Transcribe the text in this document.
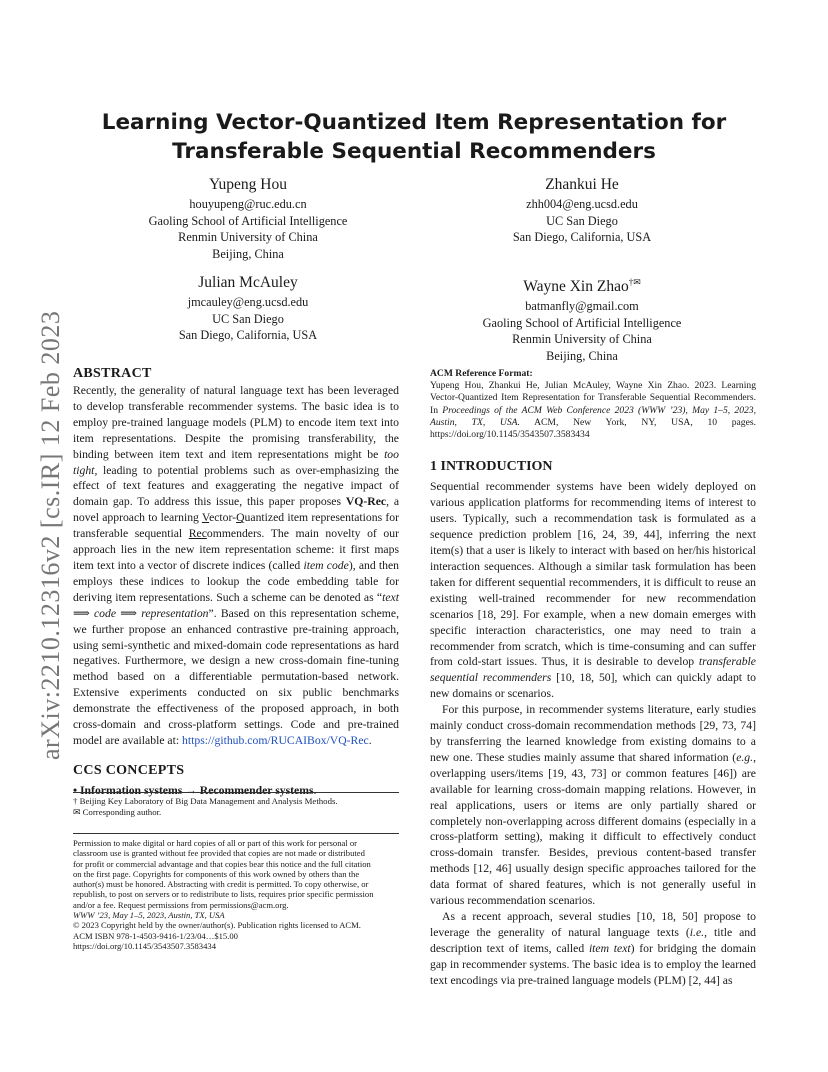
arXiv:2210.12316v2 [cs.IR] 12 Feb 2023
Learning Vector-Quantized Item Representation for
Transferable Sequential Recommenders
Yupeng Hou
houyupeng@ruc.edu.cn
Gaoling School of Artificial Intelligence
Renmin University of China
Beijing, China
Zhankui He
zhh004@eng.ucsd.edu
UC San Diego
San Diego, California, USA
Julian McAuley
jmcauley@eng.ucsd.edu
UC San Diego
San Diego, California, USA
Wayne Xin Zhao†✉
batmanfly@gmail.com
Gaoling School of Artificial Intelligence
Renmin University of China
Beijing, China
ABSTRACT

Recently, the generality of natural language text has been leveraged to develop transferable recommender systems. The basic idea is to employ pre-trained language models (PLM) to encode item text into item representations. Despite the promising transferability, the binding between item text and item representations might be too tight, leading to potential problems such as over-emphasizing the effect of text features and exaggerating the negative impact of domain gap. To address this issue, this paper proposes VQ-Rec, a novel approach to learning Vector-Quantized item representations for transferable sequential Recommenders. The main novelty of our approach lies in the new item representation scheme: it first maps item text into a vector of discrete indices (called item code), and then employs these indices to lookup the code embedding table for deriving item representations. Such a scheme can be denoted as “text ⟹ code ⟹ representation”. Based on this representation scheme, we further propose an enhanced contrastive pre-training approach, using semi-synthetic and mixed-domain code representations as hard negatives. Furthermore, we design a new cross-domain fine-tuning method based on a differentiable permutation-based network. Extensive experiments conducted on six public benchmarks demonstrate the effectiveness of the proposed approach, in both cross-domain and cross-platform settings. Code and pre-trained model are available at: https://github.com/RUCAIBox/VQ-Rec.

CCS CONCEPTS

• Information systems → Recommender systems.

† Beijing Key Laboratory of Big Data Management and Analysis Methods.
✉ Corresponding author.
Permission to make digital or hard copies of all or part of this work for personal or
classroom use is granted without fee provided that copies are not made or distributed
for profit or commercial advantage and that copies bear this notice and the full citation
on the first page. Copyrights for components of this work owned by others than the
author(s) must be honored. Abstracting with credit is permitted. To copy otherwise, or
republish, to post on servers or to redistribute to lists, requires prior specific permission
and/or a fee. Request permissions from permissions@acm.org.
WWW ’23, May 1–5, 2023, Austin, TX, USA
© 2023 Copyright held by the owner/author(s). Publication rights licensed to ACM.
ACM ISBN 978-1-4503-9416-1/23/04…$15.00
https://doi.org/10.1145/3543507.3583434
ACM Reference Format:

Yupeng Hou, Zhankui He, Julian McAuley, Wayne Xin Zhao. 2023. Learning Vector-Quantized Item Representation for Transferable Sequential Recommenders. In Proceedings of the ACM Web Conference 2023 (WWW ’23), May 1–5, 2023, Austin, TX, USA. ACM, New York, NY, USA, 10 pages. https://doi.org/10.1145/3543507.3583434

1 INTRODUCTION

Sequential recommender systems have been widely deployed on various application platforms for recommending items of interest to users. Typically, such a recommendation task is formulated as a sequence prediction problem [16, 24, 39, 44], inferring the next item(s) that a user is likely to interact with based on her/his historical interaction sequences. Although a similar task formulation has been taken for different sequential recommenders, it is difficult to reuse an existing well-trained recommender for new recommendation scenarios [18, 29]. For example, when a new domain emerges with specific interaction characteristics, one may need to train a recommender from scratch, which is time-consuming and can suffer from cold-start issues. Thus, it is desirable to develop transferable sequential recommenders [10, 18, 50], which can quickly adapt to new domains or scenarios.

For this purpose, in recommender systems literature, early studies mainly conduct cross-domain recommendation methods [29, 73, 74] by transferring the learned knowledge from existing domains to a new one. These studies mainly assume that shared information (e.g., overlapping users/items [19, 43, 73] or common features [46]) are available for learning cross-domain mapping relations. However, in real applications, users or items are only partially shared or completely non-overlapping across different domains (especially in a cross-platform setting), making it difficult to effectively conduct cross-domain transfer. Besides, previous content-based transfer methods [12, 46] usually design specific approaches tailored for the data format of shared features, which is not generally useful in various recommendation scenarios.

As a recent approach, several studies [10, 18, 50] propose to leverage the generality of natural language texts (i.e., title and description text of items, called item text) for bridging the domain gap in recommender systems. The basic idea is to employ the learned text encodings via pre-trained language models (PLM) [2, 44] as
